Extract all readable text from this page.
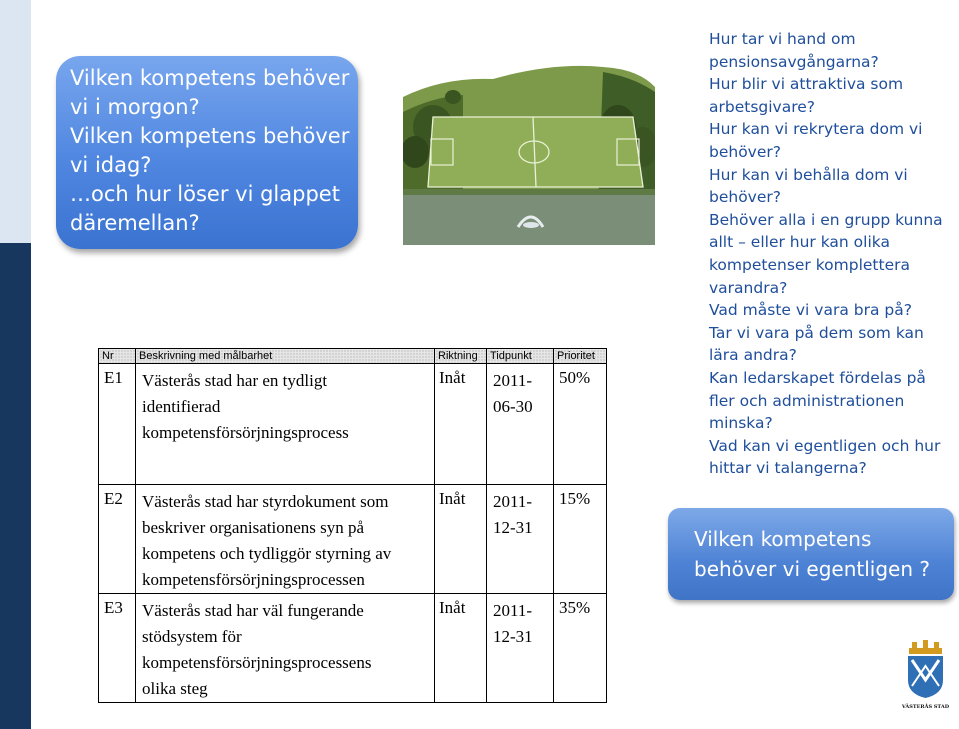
Vilken kompetens behöver
vi i morgon?
Vilken kompetens behöver
vi idag?
…och hur löser vi glappet
däremellan?
Hur tar vi hand om pensionsavgångarna?
Hur blir vi attraktiva som arbetsgivare?
Hur kan vi rekrytera dom vi behöver?
Hur kan vi behålla dom vi behöver?
Behöver alla i en grupp kunna allt – eller hur kan olika kompetenser komplettera varandra?
Vad måste vi vara bra på?
Tar vi vara på dem som kan lära andra?
Kan ledarskapet fördelas på fler och administrationen minska?
Vad kan vi egentligen och hur hittar vi talangerna?
Vilken kompetens
behöver vi egentligen ?
Nr	Beskrivning med målbarhet	Riktning	Tidpunkt	Prioritet
E1	Västerås stad har en tydligt
identifierad
kompetensförsörjningsprocess	Inåt	2011-
06-30	50%
E2	Västerås stad har styrdokument som
beskriver organisationens syn på
kompetens och tydliggör styrning av
kompetensförsörjningsprocessen	Inåt	2011-
12-31	15%
E3	Västerås stad har väl fungerande
stödsystem för
kompetensförsörjningsprocessens
olika steg	Inåt	2011-
12-31	35%
VÄSTERÅS STAD
